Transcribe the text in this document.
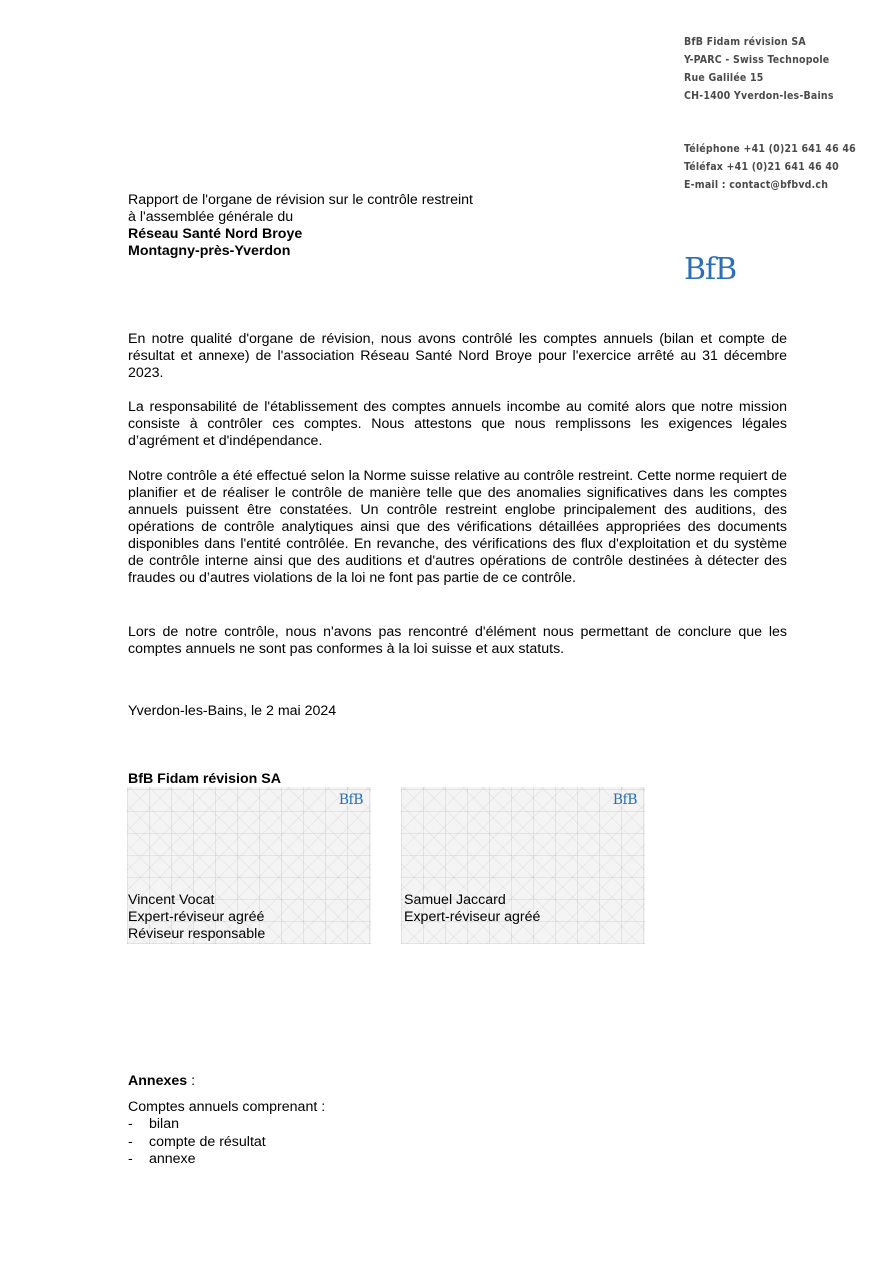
BfB Fidam révision SA
Y-PARC - Swiss Technopole
Rue Galilée 15
CH-1400 Yverdon-les-Bains
Téléphone +41 (0)21 641 46 46
Téléfax +41 (0)21 641 46 40
E-mail : contact@bfbvd.ch
BfB
Rapport de l'organe de révision sur le contrôle restreint
à l'assemblée générale du
Réseau Santé Nord Broye
Montagny-près-Yverdon
En notre qualité d'organe de révision, nous avons contrôlé les comptes annuels (bilan et compte de résultat et annexe) de l'association Réseau Santé Nord Broye pour l'exercice arrêté au 31 décembre 2023.
La responsabilité de l'établissement des comptes annuels incombe au comité alors que notre mission consiste à contrôler ces comptes. Nous attestons que nous remplissons les exigences légales d’agrément et d'indépendance.
Notre contrôle a été effectué selon la Norme suisse relative au contrôle restreint. Cette norme requiert de planifier et de réaliser le contrôle de manière telle que des anomalies significatives dans les comptes annuels puissent être constatées. Un contrôle restreint englobe principalement des auditions, des opérations de contrôle analytiques ainsi que des vérifications détaillées appropriées des documents disponibles dans l'entité contrôlée. En revanche, des vérifications des flux d'exploitation et du système de contrôle interne ainsi que des auditions et d'autres opérations de contrôle destinées à détecter des fraudes ou d’autres violations de la loi ne font pas partie de ce contrôle.
Lors de notre contrôle, nous n'avons pas rencontré d'élément nous permettant de conclure que les comptes annuels ne sont pas conformes à la loi suisse et aux statuts.
Yverdon-les-Bains, le 2 mai 2024
BfB Fidam révision SA
BfB	BfB
Vincent Vocat
Expert-réviseur agréé
Réviseur responsable
Samuel Jaccard
Expert-réviseur agréé
Annexes :
Comptes annuels comprenant :
- bilan
- compte de résultat
- annexe
